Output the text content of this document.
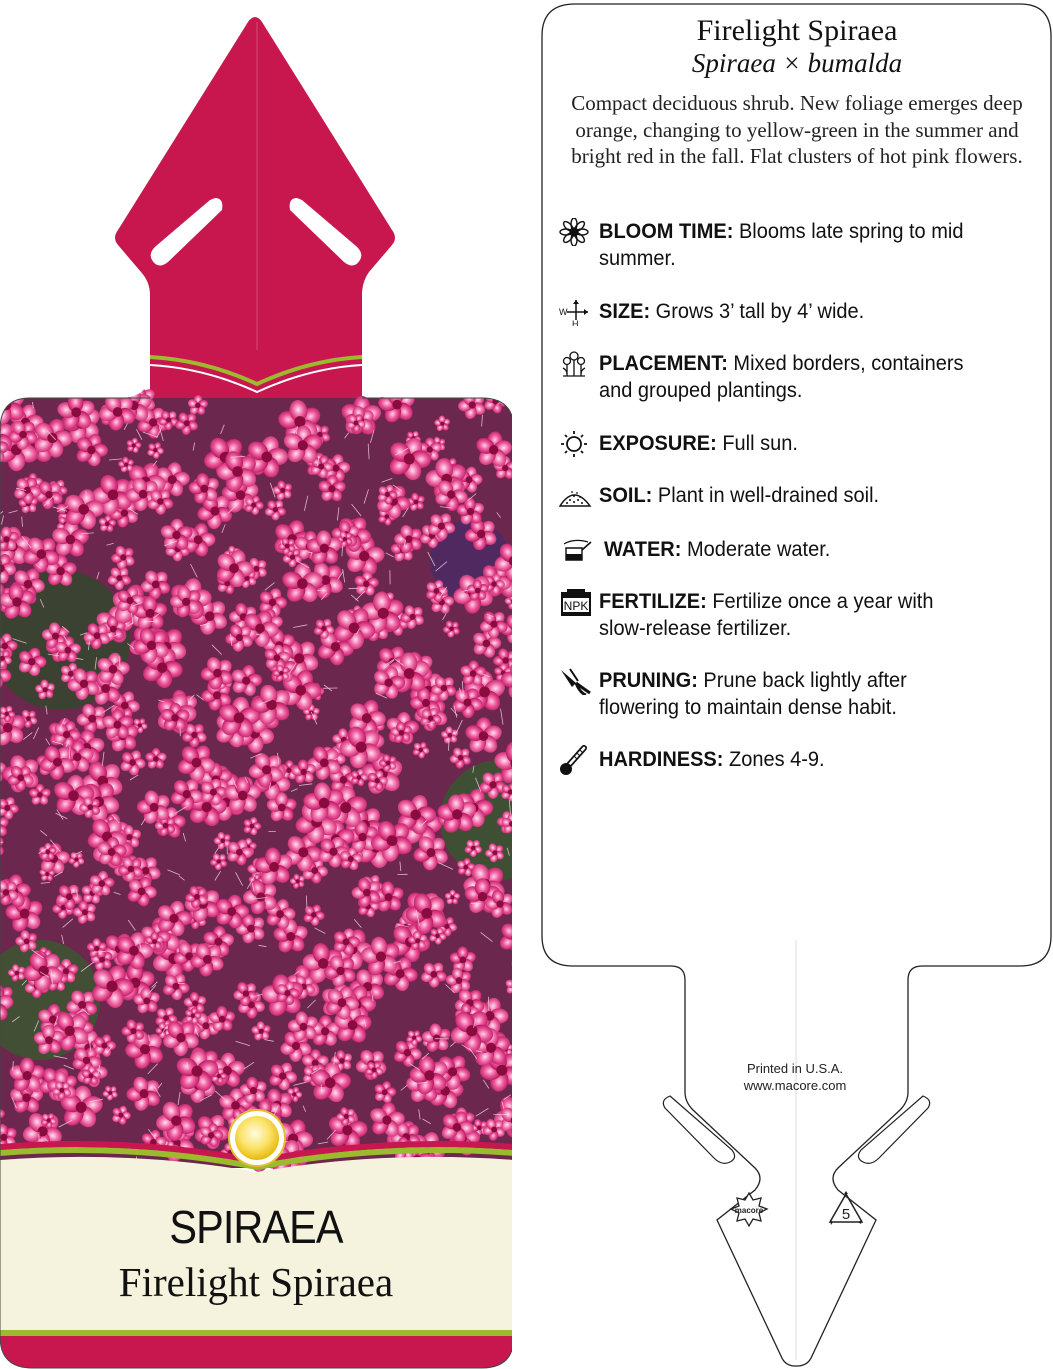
SPIRAEA
Firelight Spiraea
Firelight Spiraea
Spiraea × bumalda
Compact deciduous shrub. New foliage emerges deep orange, changing to yellow-green in the summer and bright red in the fall. Flat clusters of hot pink flowers.
BLOOM TIME: Blooms late spring to mid
summer.
W
H
SIZE: Grows 3’ tall by 4’ wide.
PLACEMENT: Mixed borders, containers
and grouped plantings.
EXPOSURE: Full sun.
SOIL: Plant in well-drained soil.
WATER: Moderate water.
NPK FERTILIZE: Fertilize once a year with
slow-release fertilizer.
PRUNING: Prune back lightly after
flowering to maintain dense habit.
HARDINESS: Zones 4-9.
Printed in U.S.A.
www.macore.com
macore	5
